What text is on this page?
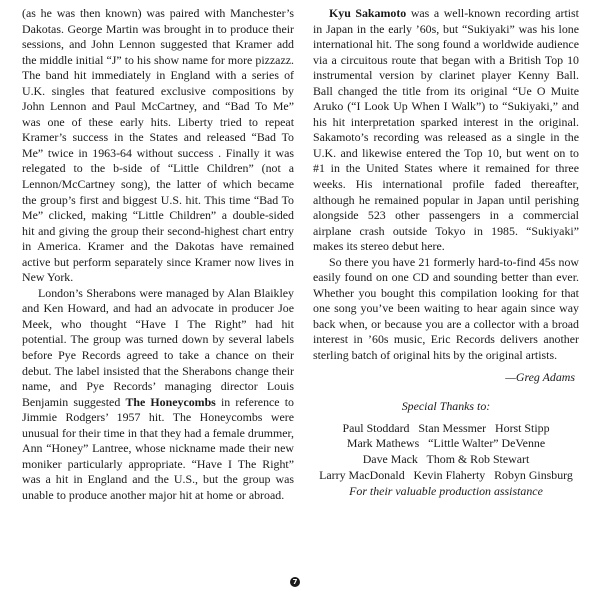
(as he was then known) was paired with Manchester’s Dakotas. George Martin was brought in to produce their sessions, and John Lennon suggested that Kramer add the middle initial “J” to his show name for more pizzazz. The band hit immediately in England with a series of U.K. singles that featured exclusive compositions by John Lennon and Paul McCartney, and “Bad To Me” was one of these early hits. Liberty tried to repeat Kramer’s success in the States and released “Bad To Me” twice in 1963-64 without success . Finally it was relegated to the b-side of “Little Children” (not a Lennon/McCartney song), the latter of which became the group’s first and biggest U.S. hit. This time “Bad To Me” clicked, making “Little Children” a double-sided hit and giving the group their second-highest chart entry in America. Kramer and the Dakotas have remained active but perform separately since Kramer now lives in New York.

London’s Sherabons were managed by Alan Blaikley and Ken Howard, and had an advocate in producer Joe Meek, who thought “Have I The Right” had hit potential. The group was turned down by several labels before Pye Records agreed to take a chance on their debut. The label insisted that the Sherabons change their name, and Pye Records’ managing director Louis Benjamin suggested The Honeycombs in reference to Jimmie Rodgers’ 1957 hit. The Honeycombs were unusual for their time in that they had a female drummer, Ann “Honey” Lantree, whose nickname made their new moniker particularly appropriate. “Have I The Right” was a hit in England and the U.S., but the group was unable to produce another major hit at home or abroad.

Kyu Sakamoto was a well-known recording artist in Japan in the early ’60s, but “Sukiyaki” was his lone international hit. The song found a worldwide audience via a circuitous route that began with a British Top 10 instrumental version by clarinet player Kenny Ball. Ball changed the title from its original “Ue O Muite Aruko (“I Look Up When I Walk”) to “Sukiyaki,” and his hit interpretation sparked interest in the original. Sakamoto’s recording was released as a single in the U.K. and likewise entered the Top 10, but went on to #1 in the United States where it remained for three weeks. His international profile faded thereafter, although he remained popular in Japan until perishing alongside 523 other passengers in a commercial airplane crash outside Tokyo in 1985. “Sukiyaki” makes its stereo debut here.

So there you have 21 formerly hard-to-find 45s now easily found on one CD and sounding better than ever. Whether you bought this compilation looking for that one song you’ve been waiting to hear again since way back when, or because you are a collector with a broad interest in ’60s music, Eric Records delivers another sterling batch of original hits by the original artists.

—Greg Adams

Special Thanks to:
Paul Stoddard   Stan Messmer   Horst Stipp
Mark Mathews   “Little Walter” DeVenne
Dave Mack   Thom & Rob Stewart
Larry MacDonald   Kevin Flaherty   Robyn Ginsburg
For their valuable production assistance
7
